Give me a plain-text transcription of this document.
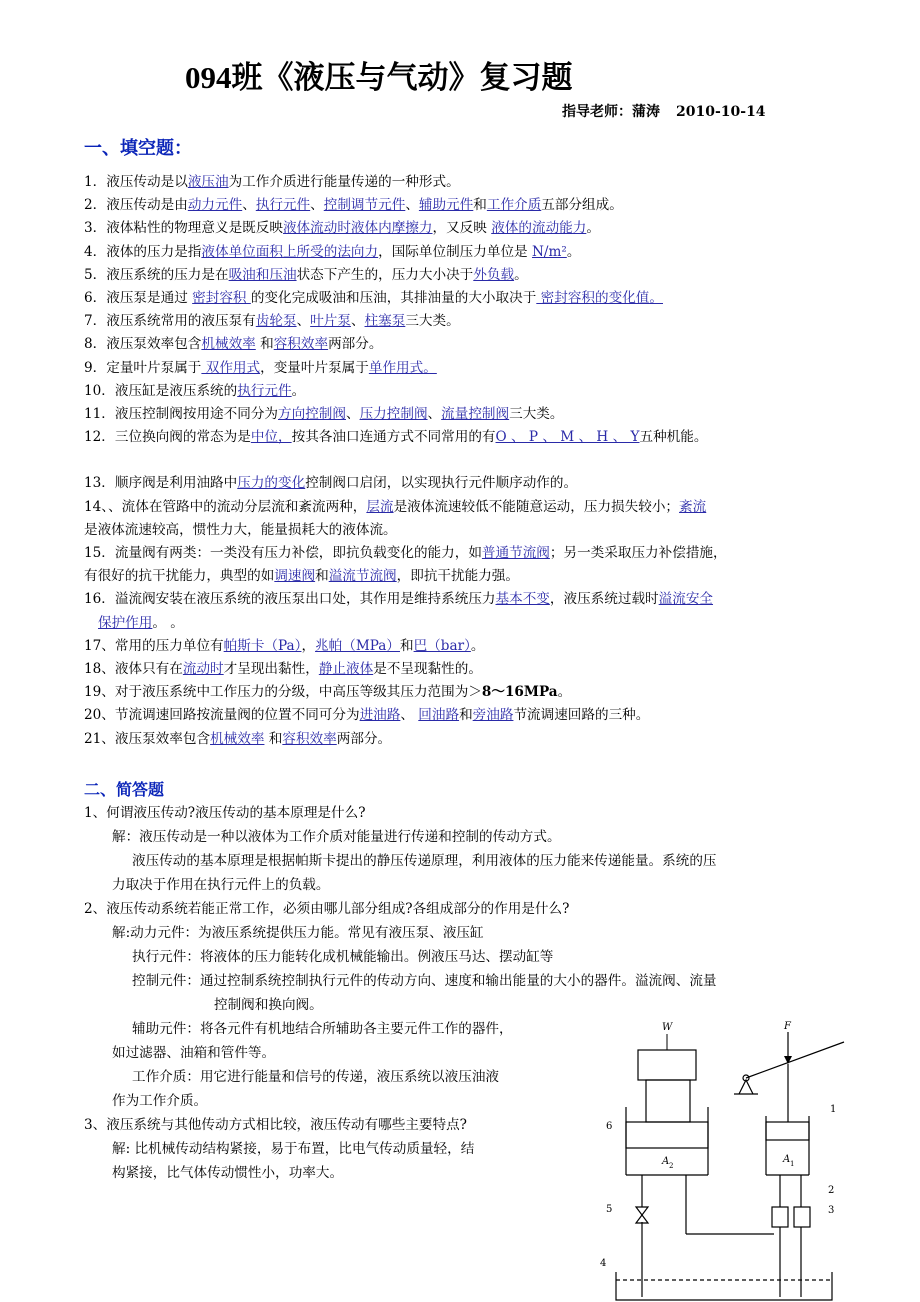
094班《液压与气动》复习题
指导老师：蒲涛 2010-10-14
一、填空题：
1．液压传动是以液压油为工作介质进行能量传递的一种形式。
2．液压传动是由动力元件、执行元件、控制调节元件、辅助元件和工作介质五部分组成。
3．液体粘性的物理意义是既反映液体流动时液体内摩擦力，又反映 液体的流动能力。
4．液体的压力是指液体单位面积上所受的法向力，国际单位制压力单位是 N/m²。
5．液压系统的压力是在吸油和压油状态下产生的，压力大小决于外负载。
6．液压泵是通过 密封容积 的变化完成吸油和压油，其排油量的大小取决于 密封容积的变化值。
7．液压系统常用的液压泵有齿轮泵、叶片泵、柱塞泵三大类。
8．液压泵效率包含机械效率 和容积效率两部分。
9．定量叶片泵属于 双作用式，变量叶片泵属于单作用式。
10．液压缸是液压系统的执行元件。
11．液压控制阀按用途不同分为方向控制阀、压力控制阀、流量控制阀三大类。
12．三位换向阀的常态为是中位，按其各油口连通方式不同常用的有O 、 P 、 M 、 H 、 Y五种机能。
13．顺序阀是利用油路中压力的变化控制阀口启闭，以实现执行元件顺序动作的。
14、、流体在管路中的流动分层流和紊流两种，层流是液体流速较低不能随意运动，压力损失较小；紊流
是液体流速较高，惯性力大，能量损耗大的液体流。
15．流量阀有两类：一类没有压力补偿，即抗负载变化的能力，如普通节流阀；另一类采取压力补偿措施，
有很好的抗干扰能力，典型的如调速阀和溢流节流阀，即抗干扰能力强。
16．溢流阀安装在液压系统的液压泵出口处，其作用是维持系统压力基本不变，液压系统过载时溢流安全
保护作用。 。
17、常用的压力单位有帕斯卡（Pa），兆帕（MPa）和巴（bar）。
18、液体只有在流动时才呈现出黏性，静止液体是不呈现黏性的。
19、对于液压系统中工作压力的分级，中高压等级其压力范围为＞8～16MPa。
20、节流调速回路按流量阀的位置不同可分为进油路、 回油路和旁油路节流调速回路的三种。
21、液压泵效率包含机械效率 和容积效率两部分。
二、简答题
1、何谓液压传动?液压传动的基本原理是什么?
解：液压传动是一种以液体为工作介质对能量进行传递和控制的传动方式。
液压传动的基本原理是根据帕斯卡提出的静压传递原理，利用液体的压力能来传递能量。系统的压
力取决于作用在执行元件上的负载。
2、液压传动系统若能正常工作，必须由哪儿部分组成?各组成部分的作用是什么?
解:动力元件：为液压系统提供压力能。常见有液压泵、液压缸
执行元件：将液体的压力能转化成机械能输出。例液压马达、摆动缸等
控制元件：通过控制系统控制执行元件的传动方向、速度和输出能量的大小的器件。溢流阀、流量
控制阀和换向阀。
辅助元件：将各元件有机地结合所辅助各主要元件工作的器件，
如过滤器、油箱和管件等。
工作介质：用它进行能量和信号的传递，液压系统以液压油液
作为工作介质。
3、液压系统与其他传动方式相比较，液压传动有哪些主要特点?
解: 比机械传动结构紧接，易于布置，比电气传动质量轻，结
构紧接，比气体传动惯性小，功率大。
W	F
A 2
A 1
1
2
3
4
5
6
